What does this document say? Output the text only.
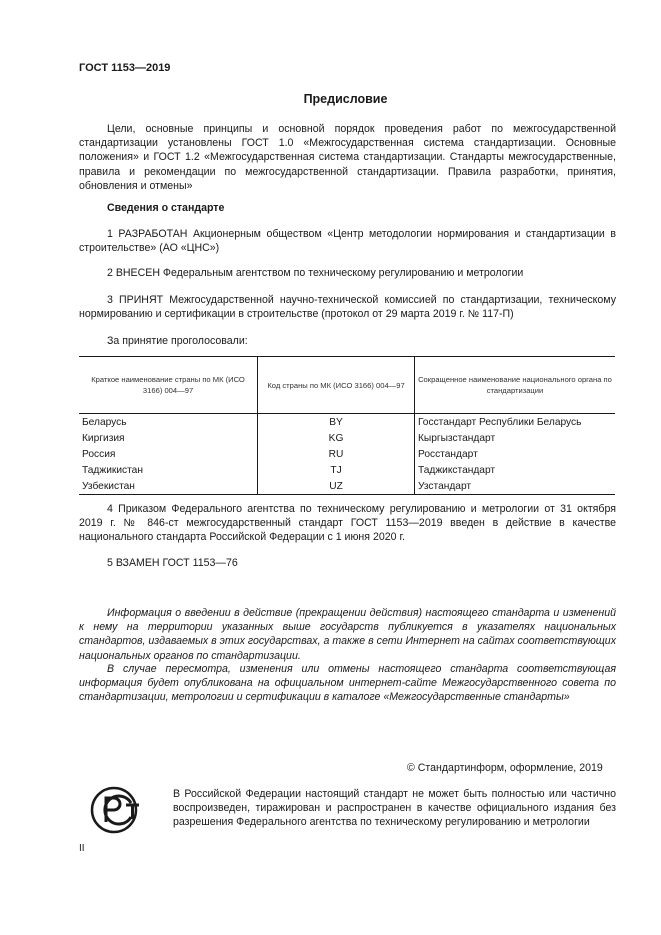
ГОСТ 1153—2019
Предисловие
Цели, основные принципы и основной порядок проведения работ по межгосударственной стандартизации установлены ГОСТ 1.0 «Межгосударственная система стандартизации. Основные положения» и ГОСТ 1.2 «Межгосударственная система стандартизации. Стандарты межгосударственные, правила и рекомендации по межгосударственной стандартизации. Правила разработки, принятия, обновления и отмены»
Сведения о стандарте
1 РАЗРАБОТАН Акционерным обществом «Центр методологии нормирования и стандартизации в строительстве» (АО «ЦНС»)
2 ВНЕСЕН Федеральным агентством по техническому регулированию и метрологии
3 ПРИНЯТ Межгосударственной научно-технической комиссией по стандартизации, техническому нормированию и сертификации в строительстве (протокол от 29 марта 2019 г. № 117-П)
За принятие проголосовали:
Краткое наименование страны по МК (ИСО 3166) 004—97	Код страны по МК (ИСО 3166) 004—97	Сокращенное наименование национального органа по стандартизации
Беларусь	BY	Госстандарт Республики Беларусь
Киргизия	KG	Кыргызстандарт
Россия	RU	Росстандарт
Таджикистан	TJ	Таджикстандарт
Узбекистан	UZ	Узстандарт
4 Приказом Федерального агентства по техническому регулированию и метрологии от 31 октября 2019 г. № 846-ст межгосударственный стандарт ГОСТ 1153—2019 введен в действие в качестве национального стандарта Российской Федерации с 1 июня 2020 г.
5 ВЗАМЕН ГОСТ 1153—76
Информация о введении в действие (прекращении действия) настоящего стандарта и изменений к нему на территории указанных выше государств публикуется в указателях национальных стандартов, издаваемых в этих государствах, а также в сети Интернет на сайтах соответствующих национальных органов по стандартизации.
В случае пересмотра, изменения или отмены настоящего стандарта соответствующая информация будет опубликована на официальном интернет-сайте Межгосударственного совета по стандартизации, метрологии и сертификации в каталоге «Межгосударственные стандарты»
© Стандартинформ, оформление, 2019
В Российской Федерации настоящий стандарт не может быть полностью или частично воспроизведен, тиражирован и распространен в качестве официального издания без разрешения Федерального агентства по техническому регулированию и метрологии
II
